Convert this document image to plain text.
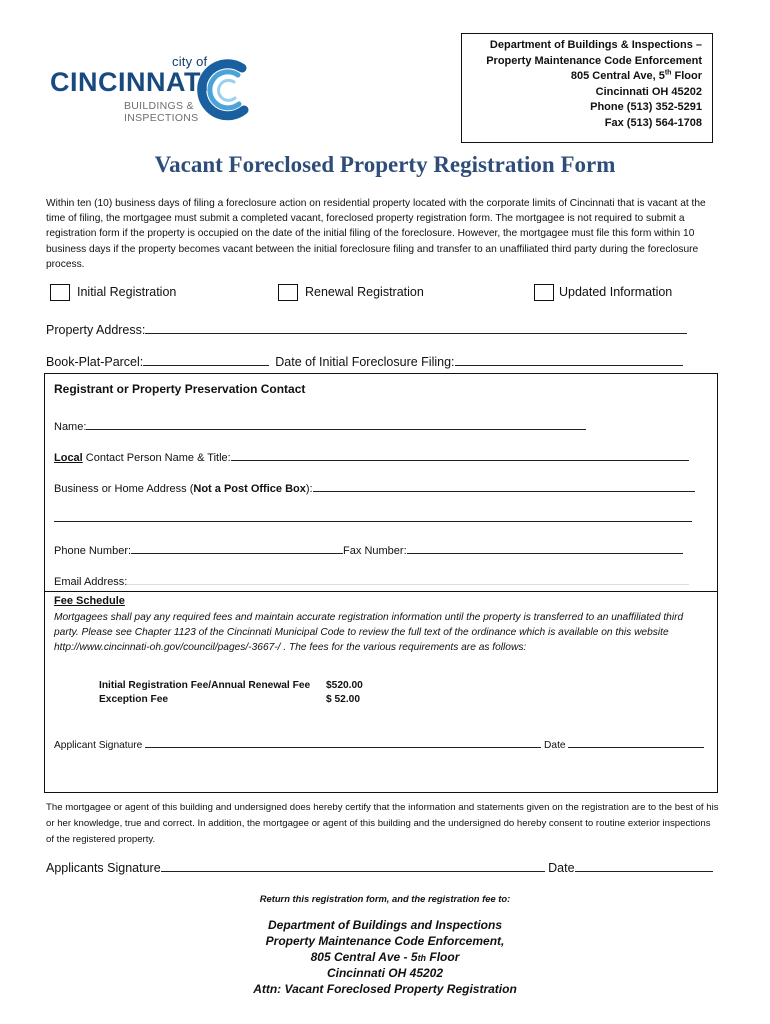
city of
CINCINNATI
BUILDINGS &
INSPECTIONS
Department of Buildings & Inspections –
Property Maintenance Code Enforcement
805 Central Ave, 5th Floor
Cincinnati OH 45202
Phone (513) 352-5291
Fax (513) 564-1708
Vacant Foreclosed Property Registration Form
Within ten (10) business days of filing a foreclosure action on residential property located with the corporate limits of Cincinnati that is vacant at the time of filing, the mortgagee must submit a completed vacant, foreclosed property registration form. The mortgagee is not required to submit a registration form if the property is occupied on the date of the initial filing of the foreclosure. However, the mortgagee must file this form within 10 business days if the property becomes vacant between the initial foreclosure filing and transfer to an unaffiliated third party during the foreclosure process.
Initial Registration	Renewal Registration	Updated Information
Property Address:
Book-Plat-Parcel:	Date of Initial Foreclosure Filing:
Registrant or Property Preservation Contact
Name:
Local Contact Person Name & Title:
Business or Home Address (Not a Post Office Box):
Phone Number:	Fax Number:
Email Address:
Fee Schedule
Mortgagees shall pay any required fees and maintain accurate registration information until the property is transferred to an unaffiliated third party. Please see Chapter 1123 of the Cincinnati Municipal Code to review the full text of the ordinance which is available on this website http://www.cincinnati-oh.gov/council/pages/-3667-/ . The fees for the various requirements are as follows:
Initial Registration Fee/Annual Renewal Fee $520.00
Exception Fee	$ 52.00
Applicant Signature	Date
The mortgagee or agent of this building and undersigned does hereby certify that the information and statements given on the registration are to the best of his or her knowledge, true and correct. In addition, the mortgagee or agent of this building and the undersigned do hereby consent to routine exterior inspections of the registered property.
Applicants Signature	Date
Return this registration form, and the registration fee to:
Department of Buildings and Inspections
Property Maintenance Code Enforcement,
805 Central Ave - 5th Floor
Cincinnati OH 45202
Attn: Vacant Foreclosed Property Registration
